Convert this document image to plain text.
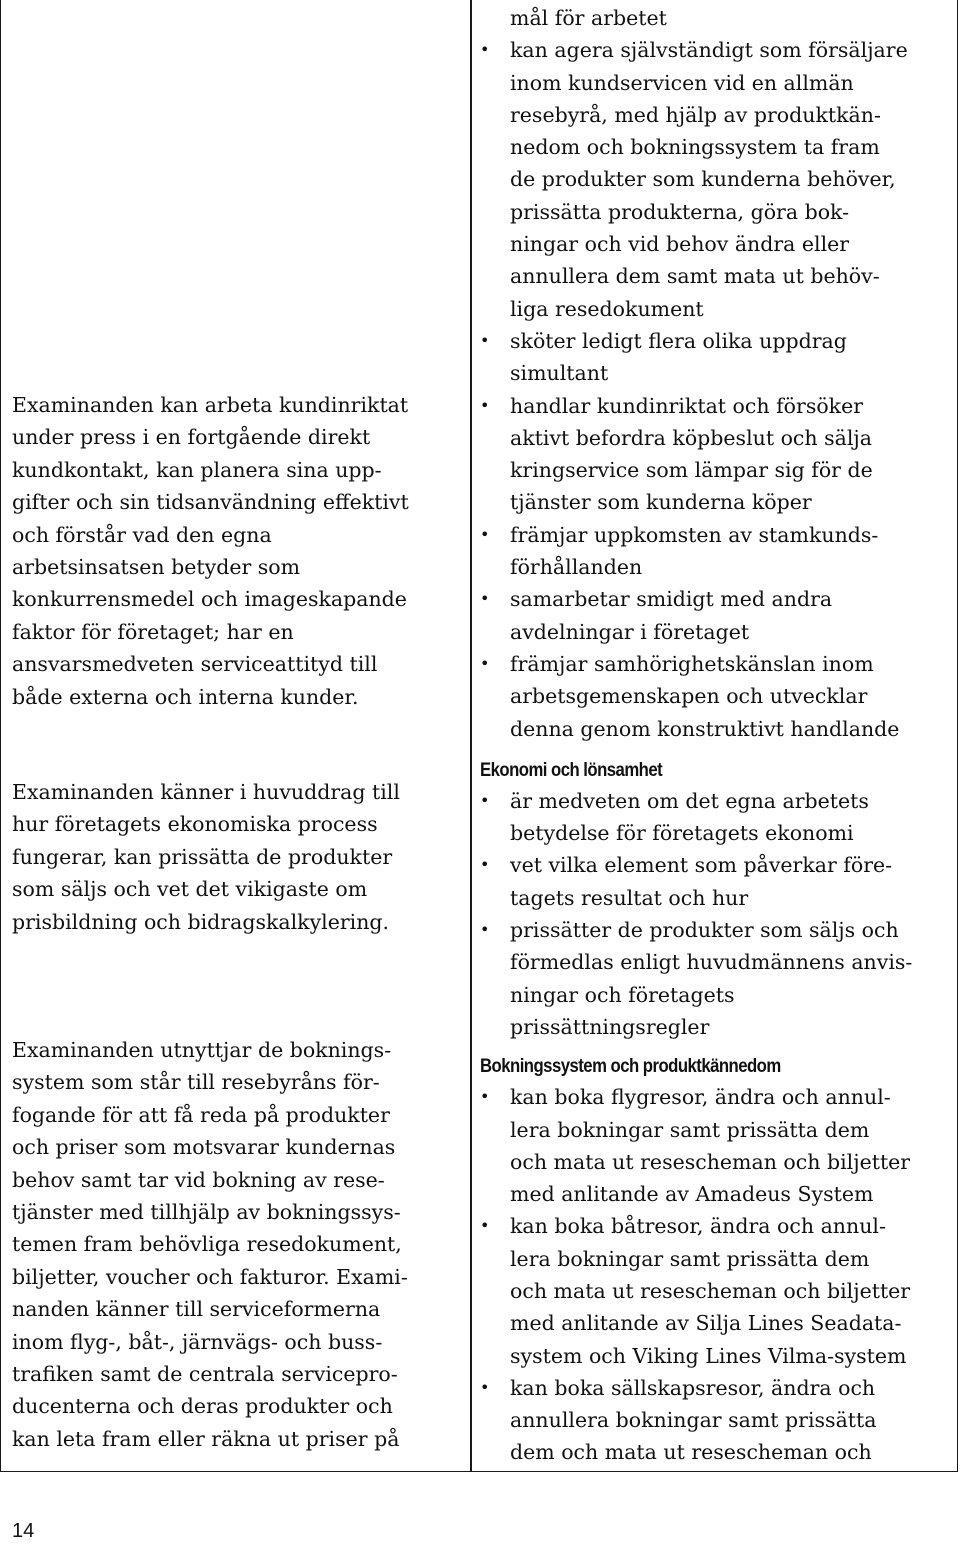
Examinanden kan arbeta kundinriktat
under press i en fortgående direkt
kundkontakt, kan planera sina upp-
gifter och sin tidsanvändning effektivt
och förstår vad den egna
arbetsinsatsen betyder som
konkurrensmedel och imageskapande
faktor för företaget; har en
ansvarsmedveten serviceattityd till
både externa och interna kunder.

Examinanden känner i huvuddrag till
hur företagets ekonomiska process
fungerar, kan prissätta de produkter
som säljs och vet det vikigaste om
prisbildning och bidragskalkylering.

Examinanden utnyttjar de boknings-
system som står till resebyråns för-
fogande för att få reda på produkter
och priser som motsvarar kundernas
behov samt tar vid bokning av rese-
tjänster med tillhjälp av bokningssys-
temen fram behövliga resedokument,
biljetter, voucher och fakturor. Exami-
nanden känner till serviceformerna
inom flyg-, båt-, järnvägs- och buss-
trafiken samt de centrala servicepro-
ducenterna och deras produkter och
kan leta fram eller räkna ut priser på

mål för arbetet
• kan agera självständigt som försäljare
inom kundservicen vid en allmän
resebyrå, med hjälp av produktkän-
nedom och bokningssystem ta fram
de produkter som kunderna behöver,
prissätta produkterna, göra bok-
ningar och vid behov ändra eller
annullera dem samt mata ut behöv-
liga resedokument
• sköter ledigt flera olika uppdrag
simultant
• handlar kundinriktat och försöker
aktivt befordra köpbeslut och sälja
kringservice som lämpar sig för de
tjänster som kunderna köper
• främjar uppkomsten av stamkunds-
förhållanden
• samarbetar smidigt med andra
avdelningar i företaget
• främjar samhörighetskänslan inom
arbetsgemenskapen och utvecklar
denna genom konstruktivt handlande
Ekonomi och lönsamhet
• är medveten om det egna arbetets
betydelse för företagets ekonomi
• vet vilka element som påverkar före-
tagets resultat och hur
• prissätter de produkter som säljs och
förmedlas enligt huvudmännens anvis-
ningar och företagets
prissättningsregler
Bokningssystem och produktkännedom
• kan boka flygresor, ändra och annul-
lera bokningar samt prissätta dem
och mata ut resescheman och biljetter
med anlitande av Amadeus System
• kan boka båtresor, ändra och annul-
lera bokningar samt prissätta dem
och mata ut resescheman och biljetter
med anlitande av Silja Lines Seadata-
system och Viking Lines Vilma-system
• kan boka sällskapsresor, ändra och
annullera bokningar samt prissätta
dem och mata ut resescheman och
14
